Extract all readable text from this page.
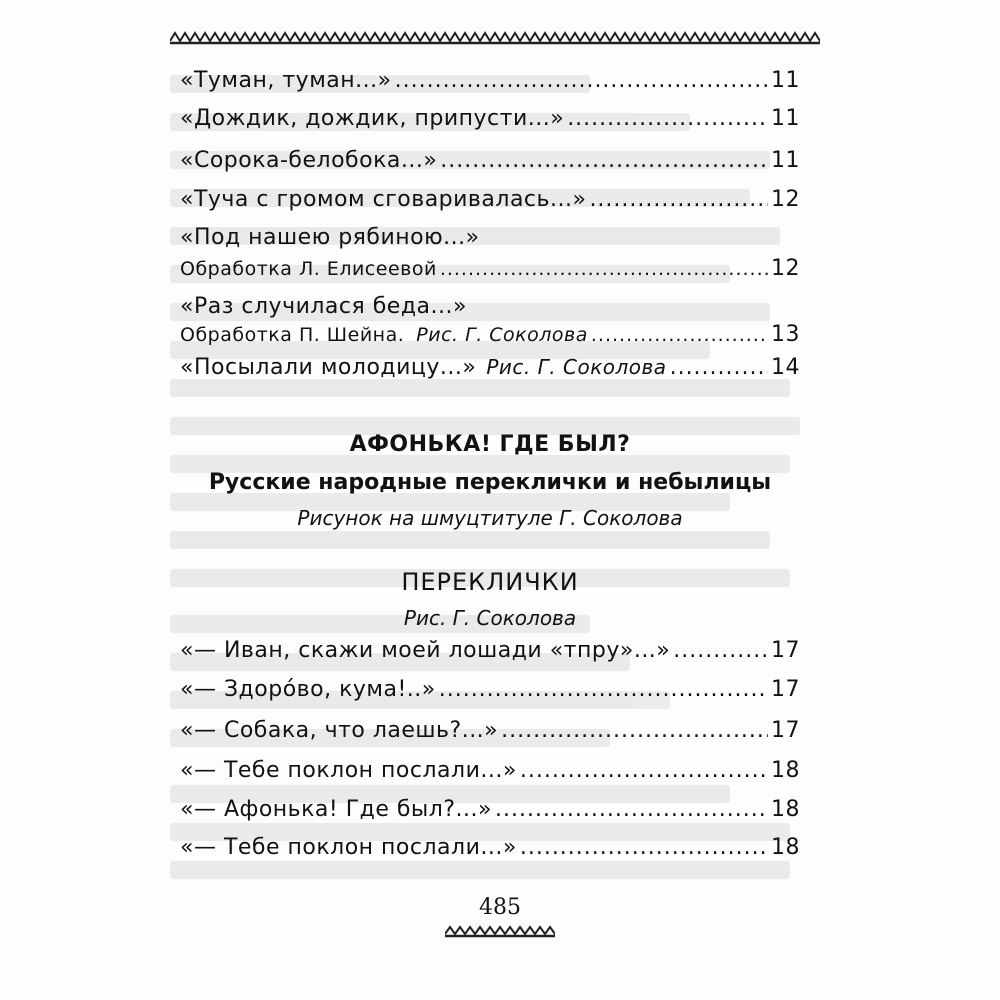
«Туман, туман...» .....	11
«Дождик, дождик, припусти...» .....	11
«Сорока-белобока...» .....	11
«Туча с громом сговаривалась...» .....	12
«Под нашею рябиною...»
Обработка Л. Елисеевой .....	12
«Раз случилася беда...»
Обработка П. Шейна. Рис. Г. Соколова .....	13
«Посылали молодицу...» Рис. Г. Соколова .....	14
АФОНЬКА! ГДЕ БЫЛ?
Русские народные переклички и небылицы
Рисунок на шмуцтитуле Г. Соколова
ПЕРЕКЛИЧКИ
Рис. Г. Соколова
«— Иван, скажи моей лошади «тпру»...» .....	17
«— Здоро́во, кума!..» .....	17
«— Собака, что лаешь?...» .....	17
«— Тебе поклон послали...» .....	18
«— Афонька! Где был?...» .....	18
«— Тебе поклон послали...» .....	18
485
